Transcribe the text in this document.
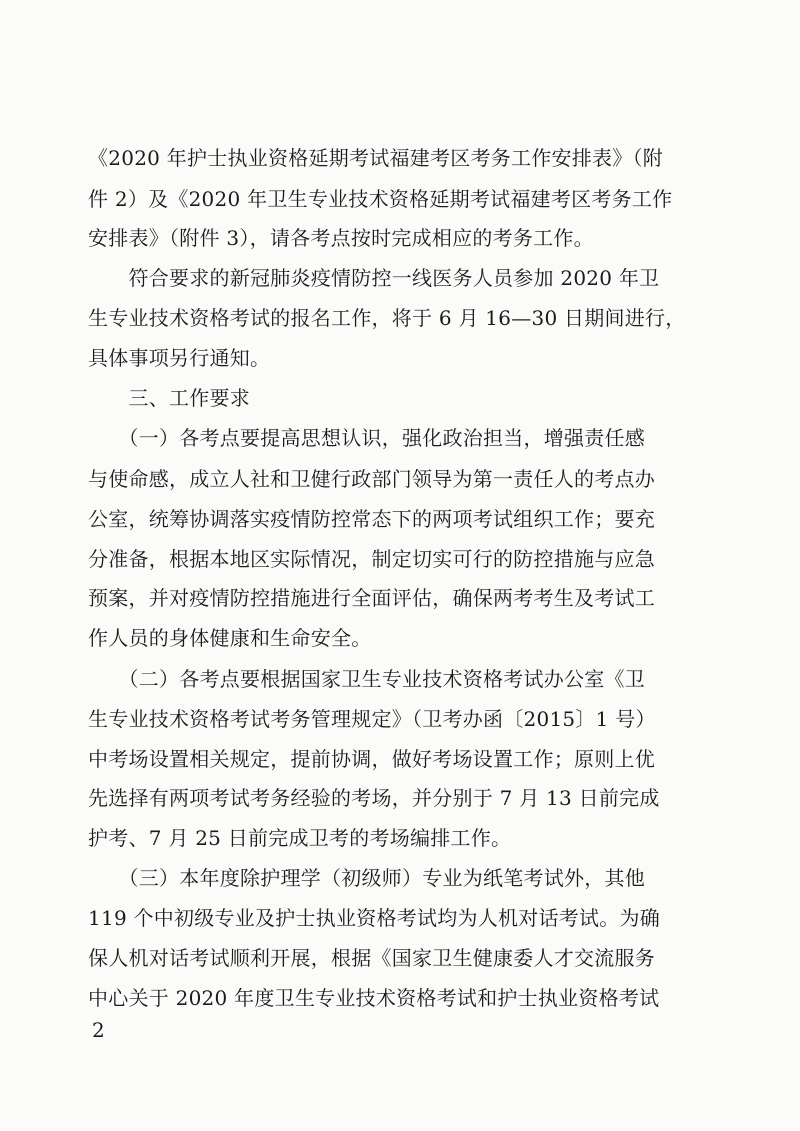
《2020 年护士执业资格延期考试福建考区考务工作安排表》（附
件 2）及《2020 年卫生专业技术资格延期考试福建考区考务工作
安排表》（附件 3），请各考点按时完成相应的考务工作。
　　符合要求的新冠肺炎疫情防控一线医务人员参加 2020 年卫
生专业技术资格考试的报名工作，将于 6 月 16—30 日期间进行，
具体事项另行通知。
　　三、工作要求
　　（一）各考点要提高思想认识，强化政治担当，增强责任感
与使命感，成立人社和卫健行政部门领导为第一责任人的考点办
公室，统筹协调落实疫情防控常态下的两项考试组织工作；要充
分准备，根据本地区实际情况，制定切实可行的防控措施与应急
预案，并对疫情防控措施进行全面评估，确保两考考生及考试工
作人员的身体健康和生命安全。
　　（二）各考点要根据国家卫生专业技术资格考试办公室《卫
生专业技术资格考试考务管理规定》（卫考办函〔2015〕1 号）
中考场设置相关规定，提前协调，做好考场设置工作；原则上优
先选择有两项考试考务经验的考场，并分别于 7 月 13 日前完成
护考、7 月 25 日前完成卫考的考场编排工作。
　　（三）本年度除护理学（初级师）专业为纸笔考试外，其他
119 个中初级专业及护士执业资格考试均为人机对话考试。为确
保人机对话考试顺利开展，根据《国家卫生健康委人才交流服务
中心关于 2020 年度卫生专业技术资格考试和护士执业资格考试
2
